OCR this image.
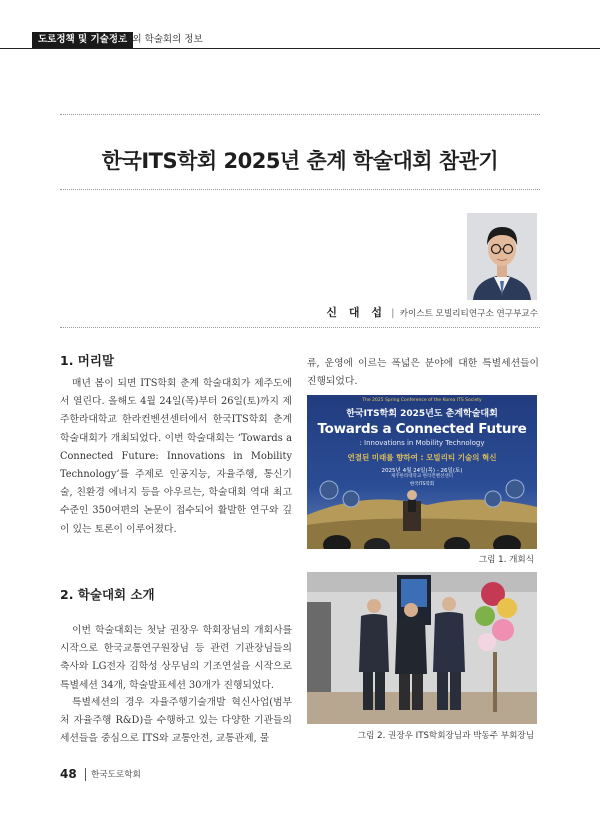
도로정책 및 기술정보
국내외 학술회의 정보
한국ITS학회 2025년 춘계 학술대회 참관기
신 대 섭 | 카이스트 모빌리티연구소 연구부교수
1. 머리말

매년 봄이 되면 ITS학회 춘계 학술대회가 제주도에서 열린다. 올해도 4월 24일(목)부터 26일(토)까지 제주한라대학교 한라컨벤션센터에서 한국ITS학회 춘계 학술대회가 개최되었다. 이번 학술대회는 ‘Towards a Connected Future: Innovations in Mobility Technology’를 주제로 인공지능, 자율주행, 통신기술, 친환경 에너지 등을 아우르는, 학술대회 역대 최고 수준인 350여편의 논문이 접수되어 활발한 연구와 깊이 있는 토론이 이루어졌다.

2. 학술대회 소개

이번 학술대회는 첫날 권장우 학회장님의 개회사를 시작으로 한국교통연구원장님 등 관련 기관장님들의 축사와 LG전자 김학성 상무님의 기조연설을 시작으로 특별세션 34개, 학술발표세션 30개가 진행되었다.

특별세션의 경우 자율주행기술개발 혁신사업(범부처 자율주행 R&D)을 수행하고 있는 다양한 기관들의 세션들을 중심으로 ITS와 교통안전, 교통관제, 물

류, 운영에 이르는 폭넓은 분야에 대한 특별세션들이 진행되었다.

The 2025 Spring Conference of the Korea ITS Society
한국ITS학회 2025년도 춘계학술대회
Towards a Connected Future
: Innovations in Mobility Technology
연결된 미래를 향하여 : 모빌리티 기술의 혁신
2025년 4월 24일(목) - 26일(토)
제주한라대학교 한라컨벤션센터
한국ITS학회
그림 1. 개회식
그림 2. 권장우 ITS학회장님과 박동주 부회장님
48 한국도로학회
